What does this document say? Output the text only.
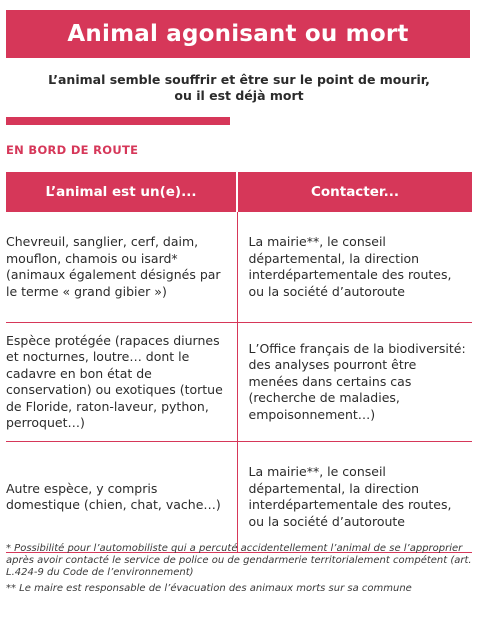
Animal agonisant ou mort
L’animal semble souffrir et être sur le point de mourir, ou il est déjà mort
EN BORD DE ROUTE
L’animal est un(e)...	Contacter...
Chevreuil, sanglier, cerf, daim, mouflon, chamois ou isard* (animaux également désignés par le terme « grand gibier »)	La mairie**, le conseil départemental, la direction interdépartementale des routes, ou la société d’autoroute
Espèce protégée (rapaces diurnes et nocturnes, loutre… dont le cadavre en bon état de conservation) ou exotiques (tortue de Floride, raton-laveur, python, perroquet…)	L’Office français de la biodiversité: des analyses pourront être menées dans certains cas (recherche de maladies, empoisonnement…)
Autre espèce, y compris domestique (chien, chat, vache…)	La mairie**, le conseil départemental, la direction interdépartementale des routes, ou la société d’autoroute

* Possibilité pour l’automobiliste qui a percuté accidentellement l’animal de se l’approprier après avoir contacté le service de police ou de gendarmerie territorialement compétent (art. L.424-9 du Code de l’environnement)

** Le maire est responsable de l’évacuation des animaux morts sur sa commune
